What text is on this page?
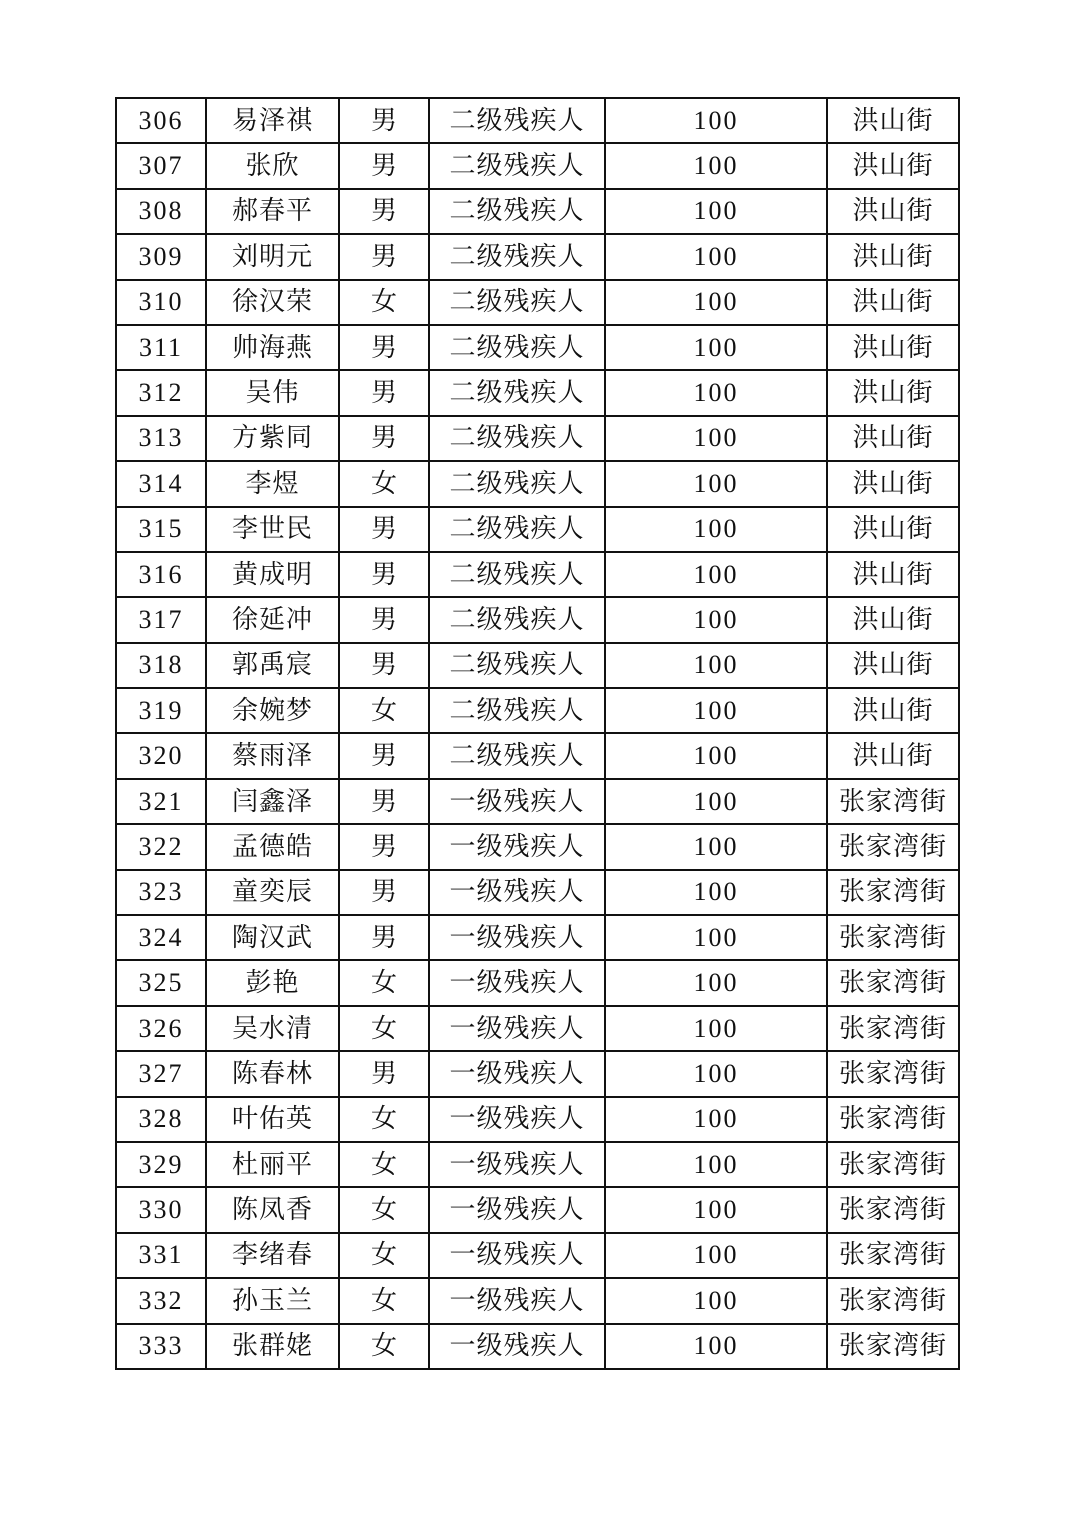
306	易泽祺	男	二级残疾人	100	洪山街
307	张欣	男	二级残疾人	100	洪山街
308	郝春平	男	二级残疾人	100	洪山街
309	刘明元	男	二级残疾人	100	洪山街
310	徐汉荣	女	二级残疾人	100	洪山街
311	帅海燕	男	二级残疾人	100	洪山街
312	吴伟	男	二级残疾人	100	洪山街
313	方紫同	男	二级残疾人	100	洪山街
314	李煜	女	二级残疾人	100	洪山街
315	李世民	男	二级残疾人	100	洪山街
316	黄成明	男	二级残疾人	100	洪山街
317	徐延冲	男	二级残疾人	100	洪山街
318	郭禹宸	男	二级残疾人	100	洪山街
319	余婉梦	女	二级残疾人	100	洪山街
320	蔡雨泽	男	二级残疾人	100	洪山街
321	闫鑫泽	男	一级残疾人	100	张家湾街
322	孟德皓	男	一级残疾人	100	张家湾街
323	童奕辰	男	一级残疾人	100	张家湾街
324	陶汉武	男	一级残疾人	100	张家湾街
325	彭艳	女	一级残疾人	100	张家湾街
326	吴水清	女	一级残疾人	100	张家湾街
327	陈春林	男	一级残疾人	100	张家湾街
328	叶佑英	女	一级残疾人	100	张家湾街
329	杜丽平	女	一级残疾人	100	张家湾街
330	陈凤香	女	一级残疾人	100	张家湾街
331	李绪春	女	一级残疾人	100	张家湾街
332	孙玉兰	女	一级残疾人	100	张家湾街
333	张群姥	女	一级残疾人	100	张家湾街
